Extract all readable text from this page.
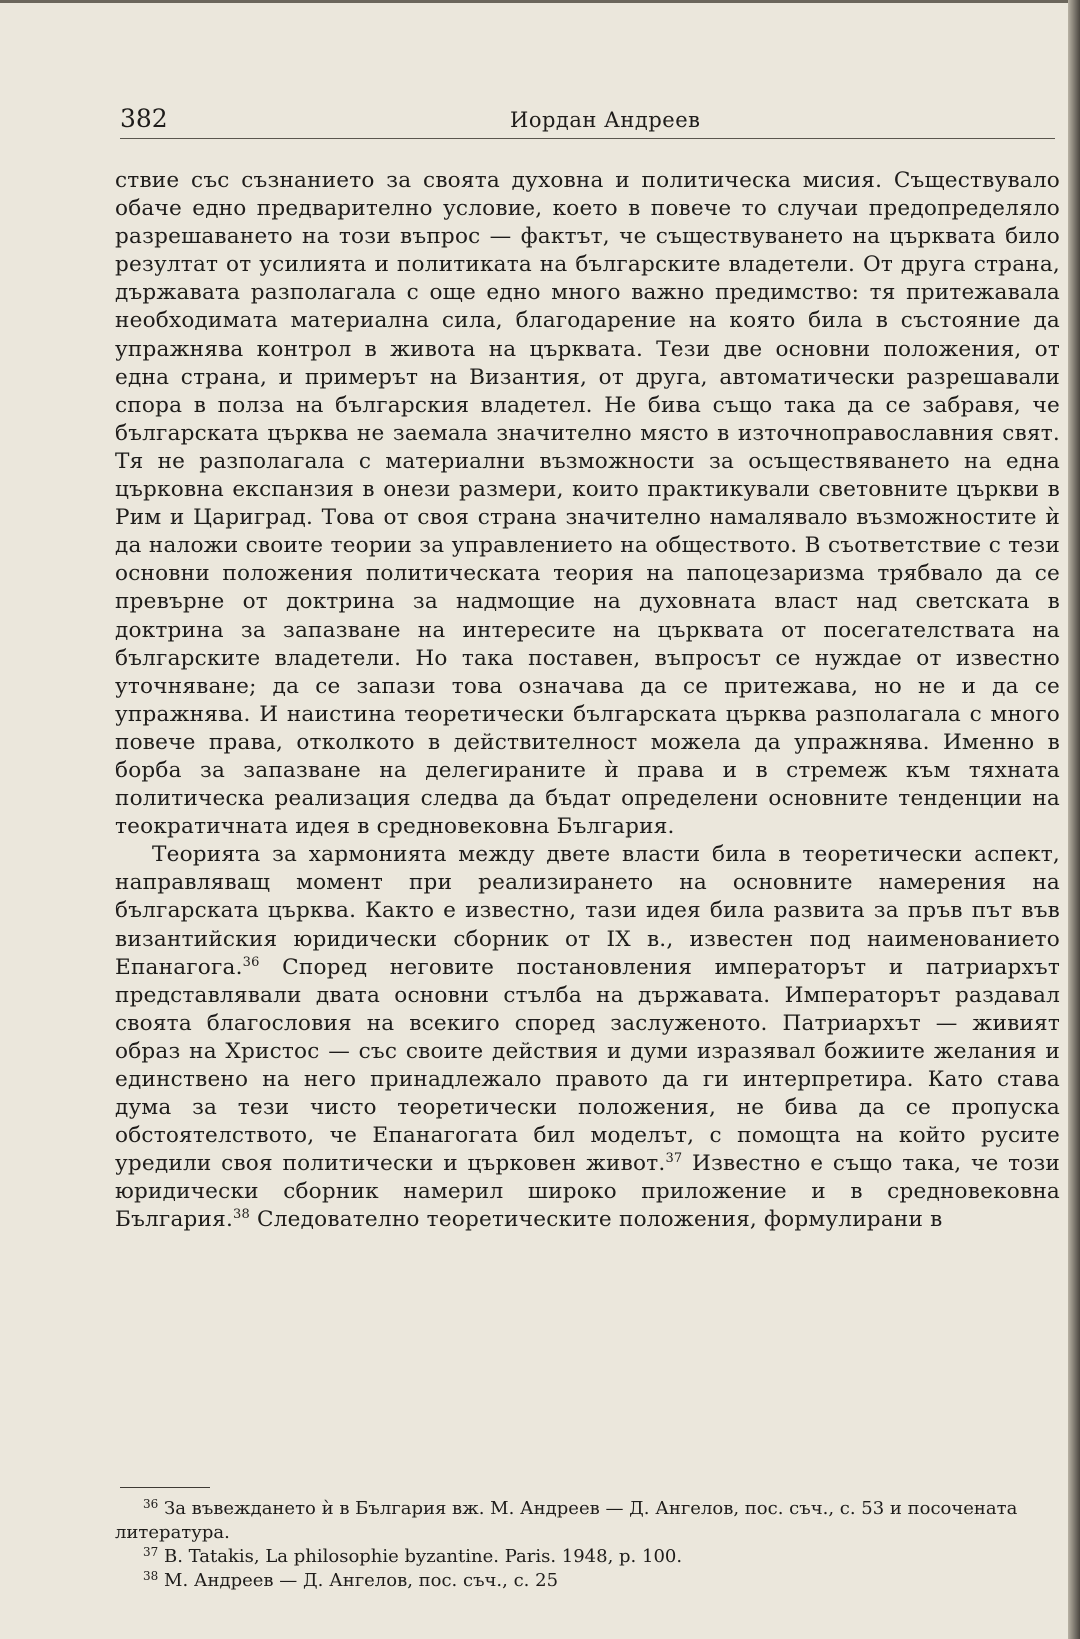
382	Иордан Андреев

ствие със съзнанието за своята духовна и политическа мисия. Съществувало обаче едно предварително условие, което в повече то случаи предопределяло разрешаването на този въпрос — фактът, че съществуването на църквата било резултат от усилията и политиката на българските владетели. От друга страна, държавата разполагала с още едно много важно предимство: тя притежавала необходимата материална сила, благодарение на която била в състояние да упражнява контрол в живота на църквата. Тези две основни положения, от една страна, и примерът на Византия, от друга, автоматически разрешавали спора в полза на българския владетел. Не бива също така да се забравя, че българската църква не заемала значително място в източноправославния свят. Тя не разполагала с материални възможности за осъществяването на една църковна експанзия в онези размери, които практикували световните църкви в Рим и Цариград. Това от своя страна значително намалявало възможностите ѝ да наложи своите теории за управлението на обществото. В съответствие с тези основни положения политическата теория на папоцезаризма трябвало да се превърне от доктрина за надмощие на духовната власт над светската в доктрина за запазване на интересите на църквата от посегателствата на българските владетели. Но така поставен, въпросът се нуждае от известно уточняване; да се запази това означава да се притежава, но не и да се упражнява. И наистина теоретически българската църква разполагала с много повече права, отколкото в действителност можела да упражнява. Именно в борба за запазване на делегираните ѝ права и в стремеж към тяхната политическа реализация следва да бъдат определени основните тенденции на теократичната идея в средновековна България.

Теорията за хармонията между двете власти била в теоретически аспект, направляващ момент при реализирането на основните намерения на българската църква. Както е известно, тази идея била развита за пръв път във византийския юридически сборник от IX в., известен под наименованието Епанагога.$^{36}$ Според неговите постановления императорът и патриархът представлявали двата основни стълба на държавата. Императорът раздавал своята благословия на всекиго според заслуженото. Патриархът — живият образ на Христос — със своите действия и думи изразявал божиите желания и единствено на него принадлежало правото да ги интерпретира. Като става дума за тези чисто теоретически положения, не бива да се пропуска обстоятелството, че Епанагогата бил моделът, с помощта на който русите уредили своя политически и църковен живот.$^{37}$ Известно е също така, че този юридически сборник намерил широко приложение и в средновековна България.$^{38}$ Следователно теоретическите положения, формулирани в

$^{36}$ За въвеждането ѝ в България вж. М. Андреев — Д. Ангелов, пос. съч., с. 53 и посочената литература.

$^{37}$ B. Tatakis, La philosophie byzantine. Paris. 1948, p. 100.

$^{38}$ М. Андреев — Д. Ангелов, пос. съч., с. 25
